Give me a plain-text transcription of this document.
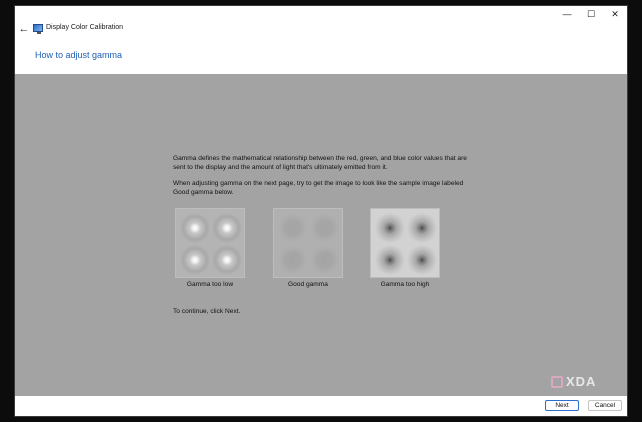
← Display Color Calibration
—	☐	✕
How to adjust gamma

Gamma defines the mathematical relationship between the red, green, and blue color values that are sent to the display and the amount of light that's ultimately emitted from it.

When adjusting gamma on the next page, try to get the image to look like the sample image labeled Good gamma below.

Gamma too low	Good gamma	Gamma too high
To continue, click Next.
XDA
Next	Cancel
